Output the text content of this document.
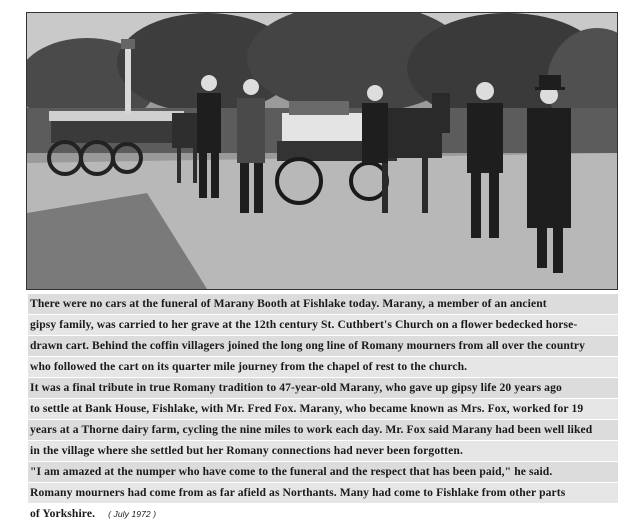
There were no cars at the funeral of Marany Booth at Fishlake today. Marany, a member of an ancient
gipsy family, was carried to her grave at the 12th century St. Cuthbert's Church on a flower bedecked horse-
drawn cart. Behind the coffin villagers joined the long ong line of Romany mourners from all over the country
who followed the cart on its quarter mile journey from the chapel of rest to the church.
It was a final tribute in true Romany tradition to 47-year-old Marany, who gave up gipsy life 20 years ago
to settle at Bank House, Fishlake, with Mr. Fred Fox. Marany, who became known as Mrs. Fox, worked for 19
years at a Thorne dairy farm, cycling the nine miles to work each day. Mr. Fox said Marany had been well liked
in the village where she settled but her Romany connections had never been forgotten.
"I am amazed at the numper who have come to the funeral and the respect that has been paid," he said.
Romany mourners had come from as far afield as Northants. Many had come to Fishlake from other parts
of Yorkshire. ( July 1972 )
